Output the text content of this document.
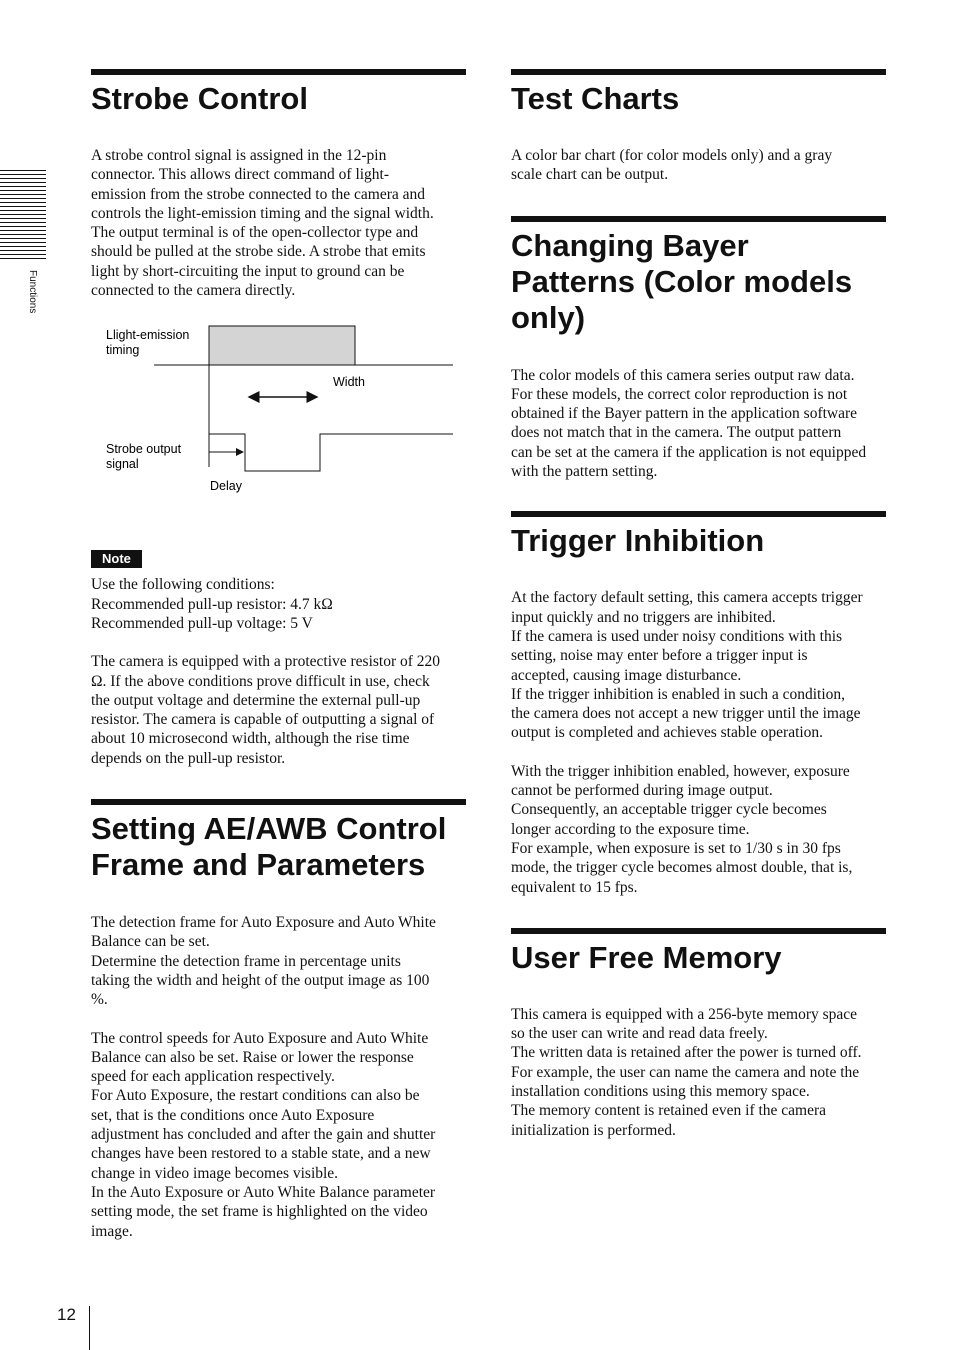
Functions
Strobe Control
A strobe control signal is assigned in the 12-pin
connector. This allows direct command of light-
emission from the strobe connected to the camera and
controls the light-emission timing and the signal width.
The output terminal is of the open-collector type and
should be pulled at the strobe side. A strobe that emits
light by short-circuiting the input to ground can be
connected to the camera directly.
Llight-emission
timing
Width
Strobe output
signal
Delay
Note
Use the following conditions:
Recommended pull-up resistor: 4.7 kΩ
Recommended pull-up voltage: 5 V
The camera is equipped with a protective resistor of 220
Ω. If the above conditions prove difficult in use, check
the output voltage and determine the external pull-up
resistor. The camera is capable of outputting a signal of
about 10 microsecond width, although the rise time
depends on the pull-up resistor.
Setting AE/AWB Control
Frame and Parameters
The detection frame for Auto Exposure and Auto White
Balance can be set.
Determine the detection frame in percentage units
taking the width and height of the output image as 100
%.
The control speeds for Auto Exposure and Auto White
Balance can also be set. Raise or lower the response
speed for each application respectively.
For Auto Exposure, the restart conditions can also be
set, that is the conditions once Auto Exposure
adjustment has concluded and after the gain and shutter
changes have been restored to a stable state, and a new
change in video image becomes visible.
In the Auto Exposure or Auto White Balance parameter
setting mode, the set frame is highlighted on the video
image.
Test Charts
A color bar chart (for color models only) and a gray
scale chart can be output.
Changing Bayer
Patterns (Color models
only)
The color models of this camera series output raw data.
For these models, the correct color reproduction is not
obtained if the Bayer pattern in the application software
does not match that in the camera. The output pattern
can be set at the camera if the application is not equipped
with the pattern setting.
Trigger Inhibition
At the factory default setting, this camera accepts trigger
input quickly and no triggers are inhibited.
If the camera is used under noisy conditions with this
setting, noise may enter before a trigger input is
accepted, causing image disturbance.
If the trigger inhibition is enabled in such a condition,
the camera does not accept a new trigger until the image
output is completed and achieves stable operation.
With the trigger inhibition enabled, however, exposure
cannot be performed during image output.
Consequently, an acceptable trigger cycle becomes
longer according to the exposure time.
For example, when exposure is set to 1/30 s in 30 fps
mode, the trigger cycle becomes almost double, that is,
equivalent to 15 fps.
User Free Memory
This camera is equipped with a 256-byte memory space
so the user can write and read data freely.
The written data is retained after the power is turned off.
For example, the user can name the camera and note the
installation conditions using this memory space.
The memory content is retained even if the camera
initialization is performed.
12
